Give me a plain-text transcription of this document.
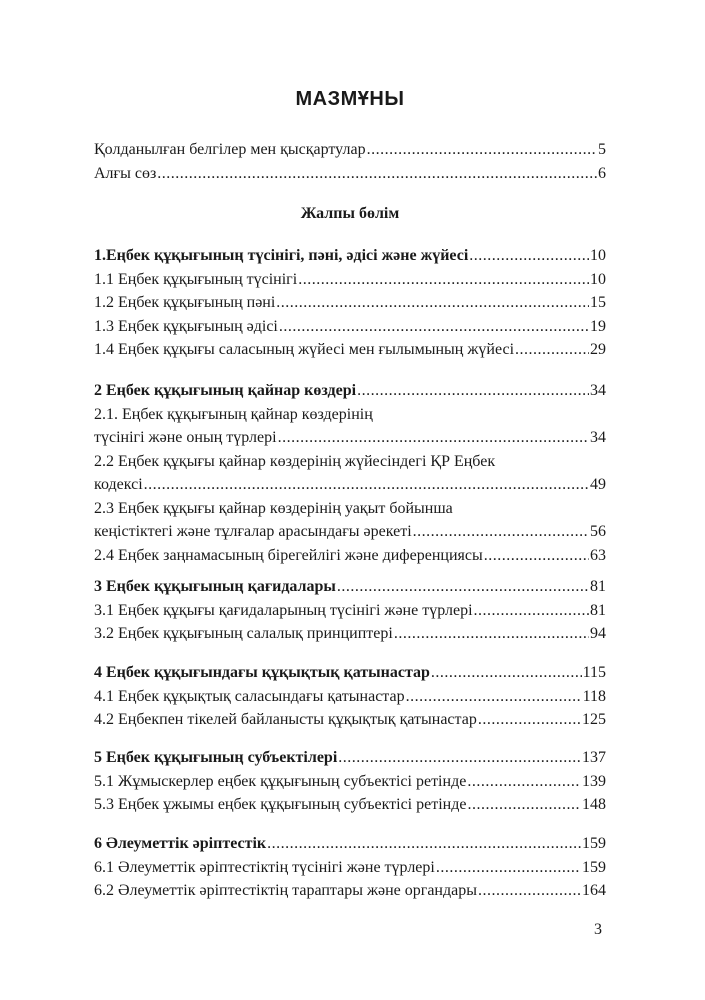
МАЗМҰНЫ
Қолданылған белгілер мен қысқартулар .....	5
Алғы сөз .....	6
Жалпы бөлім
1.Еңбек құқығының түсінігі, пәні, әдісі және жүйесі .....	10
1.1 Еңбек құқығының түсінігі .....	10
1.2 Еңбек құқығының пәні .....	15
1.3 Еңбек құқығының әдісі .....	19
1.4 Еңбек құқығы саласының жүйесі мен ғылымының жүйесі .....	29
2 Еңбек құқығының қайнар көздері .....	34
2.1. Еңбек құқығының қайнар көздерінің
түсінігі және оның түрлері .....	34
2.2 Еңбек құқығы қайнар көздерінің жүйесіндегі ҚР Еңбек
кодексі .....	49
2.3 Еңбек құқығы қайнар көздерінің уақыт бойынша
кеңістіктегі және тұлғалар арасындағы әрекеті .....	56
2.4 Еңбек заңнамасының бірегейлігі және диференциясы .....	63
3 Еңбек құқығының қағидалары .....	81
3.1 Еңбек құқығы қағидаларының түсінігі және түрлері .....	81
3.2 Еңбек құқығының салалық принциптері .....	94
4 Еңбек құқығындағы құқықтық қатынастар .....	115
4.1 Еңбек құқықтық саласындағы қатынастар .....	118
4.2 Еңбекпен тікелей байланысты құқықтық қатынастар .....	125
5 Еңбек құқығының субъектілері .....	137
5.1 Жұмыскерлер еңбек құқығының субъектісі ретінде .....	139
5.3 Еңбек ұжымы еңбек құқығының субъектісі ретінде .....	148
6 Әлеуметтік әріптестік .....	159
6.1 Әлеуметтік әріптестіктің түсінігі және түрлері .....	159
6.2 Әлеуметтік әріптестіктің тараптары және органдары .....	164
3
